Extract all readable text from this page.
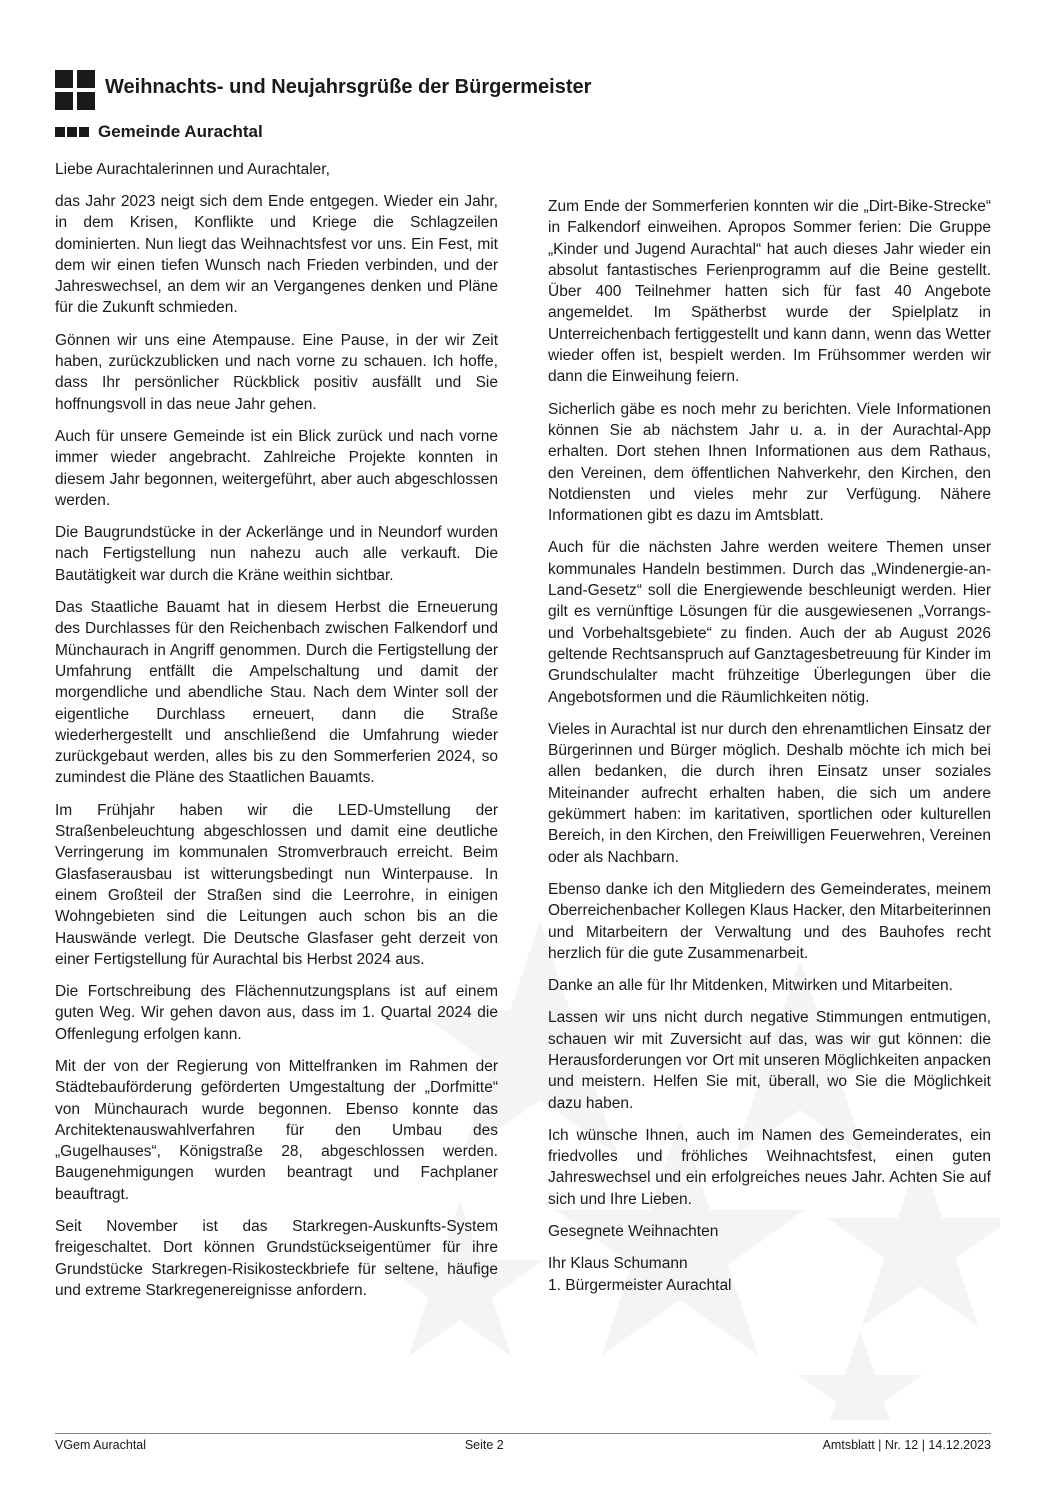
Weihnachts- und Neujahrsgrüße der Bürgermeister
Gemeinde Aurachtal

Liebe Aurachtalerinnen und Aurachtaler,

das Jahr 2023 neigt sich dem Ende entgegen. Wieder ein Jahr, in dem Krisen, Konflikte und Kriege die Schlagzeilen dominierten. Nun liegt das Weihnachtsfest vor uns. Ein Fest, mit dem wir einen tiefen Wunsch nach Frieden verbinden, und der Jahreswechsel, an dem wir an Vergangenes denken und Pläne für die Zukunft schmieden.

Gönnen wir uns eine Atempause. Eine Pause, in der wir Zeit haben, zurückzublicken und nach vorne zu schauen. Ich hoffe, dass Ihr persönlicher Rückblick positiv ausfällt und Sie hoffnungsvoll in das neue Jahr gehen.

Auch für unsere Gemeinde ist ein Blick zurück und nach vorne immer wieder angebracht. Zahlreiche Projekte konnten in diesem Jahr begonnen, weitergeführt, aber auch abgeschlossen werden.

Die Baugrundstücke in der Ackerlänge und in Neundorf wurden nach Fertigstellung nun nahezu auch alle verkauft. Die Bautätigkeit war durch die Kräne weithin sichtbar.

Das Staatliche Bauamt hat in diesem Herbst die Erneuerung des Durchlasses für den Reichenbach zwischen Falkendorf und Münchaurach in Angriff genommen. Durch die Fertigstellung der Umfahrung entfällt die Ampelschaltung und damit der morgendliche und abendliche Stau. Nach dem Winter soll der eigentliche Durchlass erneuert, dann die Straße wiederhergestellt und anschließend die Umfahrung wieder zurückgebaut werden, alles bis zu den Sommerferien 2024, so zumindest die Pläne des Staatlichen Bauamts.

Im Frühjahr haben wir die LED-Umstellung der Straßenbeleuchtung abgeschlossen und damit eine deutliche Verringerung im kommunalen Stromverbrauch erreicht. Beim Glasfaserausbau ist witterungsbedingt nun Winterpause. In einem Großteil der Straßen sind die Leerrohre, in einigen Wohngebieten sind die Leitungen auch schon bis an die Hauswände verlegt. Die Deutsche Glasfaser geht derzeit von einer Fertigstellung für Aurachtal bis Herbst 2024 aus.

Die Fortschreibung des Flächennutzungsplans ist auf einem guten Weg. Wir gehen davon aus, dass im 1. Quartal 2024 die Offenlegung erfolgen kann.

Mit der von der Regierung von Mittelfranken im Rahmen der Städtebauförderung geförderten Umgestaltung der „Dorfmitte“ von Münchaurach wurde begonnen. Ebenso konnte das Architektenauswahlverfahren für den Umbau des „Gugelhauses“, Königstraße 28, abgeschlossen werden. Baugenehmigungen wurden beantragt und Fachplaner beauftragt.

Seit November ist das Starkregen-Auskunfts-System freigeschaltet. Dort können Grundstückseigentümer für ihre Grundstücke Starkregen-Risikosteckbriefe für seltene, häufige und extreme Starkregenereignisse anfordern.

Zum Ende der Sommerferien konnten wir die „Dirt-Bike-Strecke“ in Falkendorf einweihen. Apropos Sommer ferien: Die Gruppe „Kinder und Jugend Aurachtal“ hat auch dieses Jahr wieder ein absolut fantastisches Ferienprogramm auf die Beine gestellt. Über 400 Teilnehmer hatten sich für fast 40 Angebote angemeldet. Im Spätherbst wurde der Spielplatz in Unterreichenbach fertiggestellt und kann dann, wenn das Wetter wieder offen ist, bespielt werden. Im Frühsommer werden wir dann die Einweihung feiern.

Sicherlich gäbe es noch mehr zu berichten. Viele Informationen können Sie ab nächstem Jahr u. a. in der Aurachtal-App erhalten. Dort stehen Ihnen Informationen aus dem Rathaus, den Vereinen, dem öffentlichen Nahverkehr, den Kirchen, den Notdiensten und vieles mehr zur Verfügung. Nähere Informationen gibt es dazu im Amtsblatt.

Auch für die nächsten Jahre werden weitere Themen unser kommunales Handeln bestimmen. Durch das „Windenergie-an-Land-Gesetz“ soll die Energiewende beschleunigt werden. Hier gilt es vernünftige Lösungen für die ausgewiesenen „Vorrangs- und Vorbehaltsgebiete“ zu finden. Auch der ab August 2026 geltende Rechtsanspruch auf Ganztagesbetreuung für Kinder im Grundschulalter macht frühzeitige Überlegungen über die Angebotsformen und die Räumlichkeiten nötig.

Vieles in Aurachtal ist nur durch den ehrenamtlichen Einsatz der Bürgerinnen und Bürger möglich. Deshalb möchte ich mich bei allen bedanken, die durch ihren Einsatz unser soziales Miteinander aufrecht erhalten haben, die sich um andere gekümmert haben: im karitativen, sportlichen oder kulturellen Bereich, in den Kirchen, den Freiwilligen Feuerwehren, Vereinen oder als Nachbarn.

Ebenso danke ich den Mitgliedern des Gemeinderates, meinem Oberreichenbacher Kollegen Klaus Hacker, den Mitarbeiterinnen und Mitarbeitern der Verwaltung und des Bauhofes recht herzlich für die gute Zusammenarbeit.

Danke an alle für Ihr Mitdenken, Mitwirken und Mitarbeiten.

Lassen wir uns nicht durch negative Stimmungen entmutigen, schauen wir mit Zuversicht auf das, was wir gut können: die Herausforderungen vor Ort mit unseren Möglichkeiten anpacken und meistern. Helfen Sie mit, überall, wo Sie die Möglichkeit dazu haben.

Ich wünsche Ihnen, auch im Namen des Gemeinderates, ein friedvolles und fröhliches Weihnachtsfest, einen guten Jahreswechsel und ein erfolgreiches neues Jahr. Achten Sie auf sich und Ihre Lieben.

Gesegnete Weihnachten

Ihr Klaus Schumann
1. Bürgermeister Aurachtal

VGem Aurachtal	Seite 2	Amtsblatt | Nr. 12 | 14.12.2023
